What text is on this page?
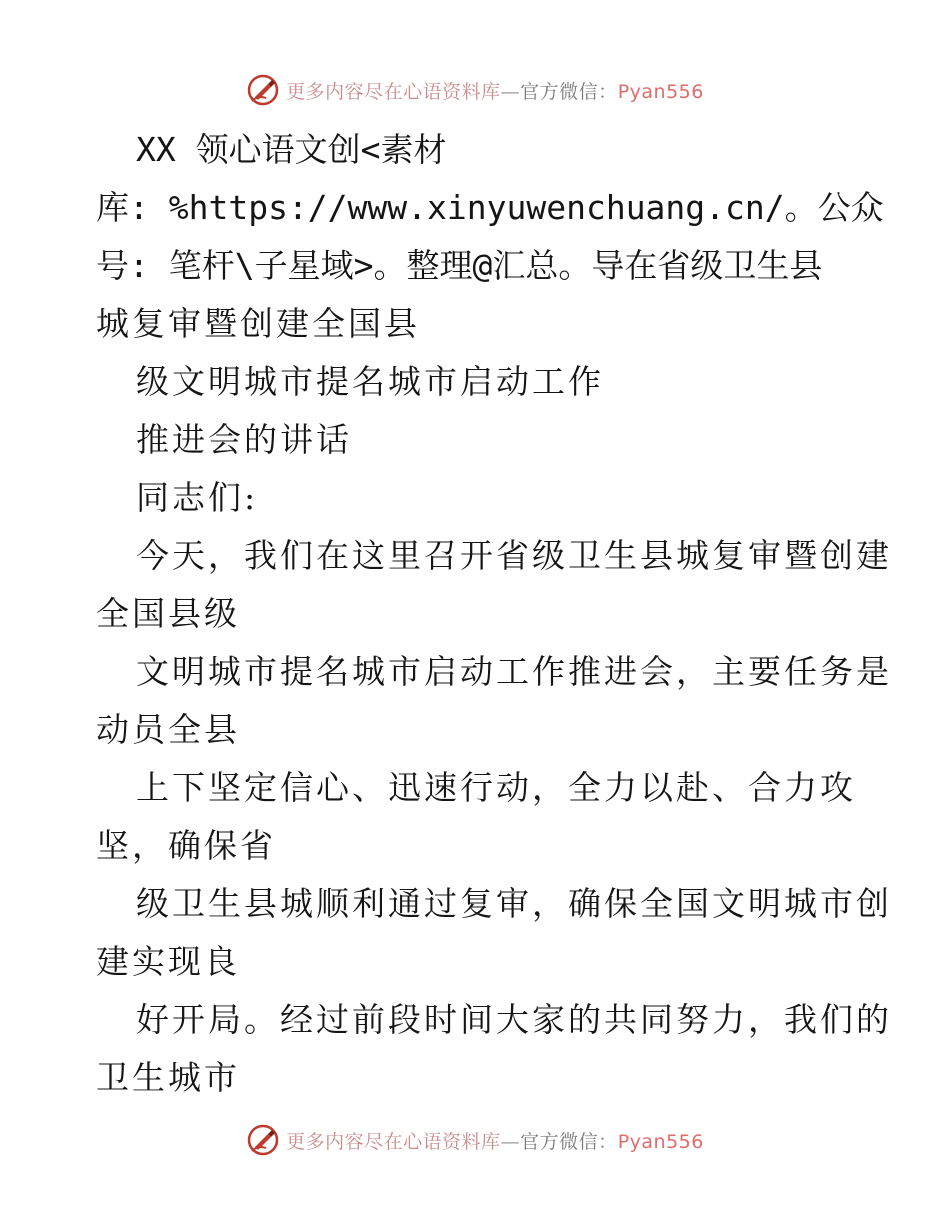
更多内容尽在心语资料库—官方微信：Pyan556
XX 领心语文创<素材
库: %https://www.xinyuwenchuang.cn/。公众
号: 笔杆\子星域>。整理@汇总。导在省级卫生县
城复审暨创建全国县
级文明城市提名城市启动工作
推进会的讲话
同志们:
今天，我们在这里召开省级卫生县城复审暨创建
全国县级
文明城市提名城市启动工作推进会，主要任务是
动员全县
上下坚定信心、迅速行动，全力以赴、合力攻
坚，确保省
级卫生县城顺利通过复审，确保全国文明城市创
建实现良
好开局。经过前段时间大家的共同努力，我们的
卫生城市
更多内容尽在心语资料库—官方微信：Pyan556
